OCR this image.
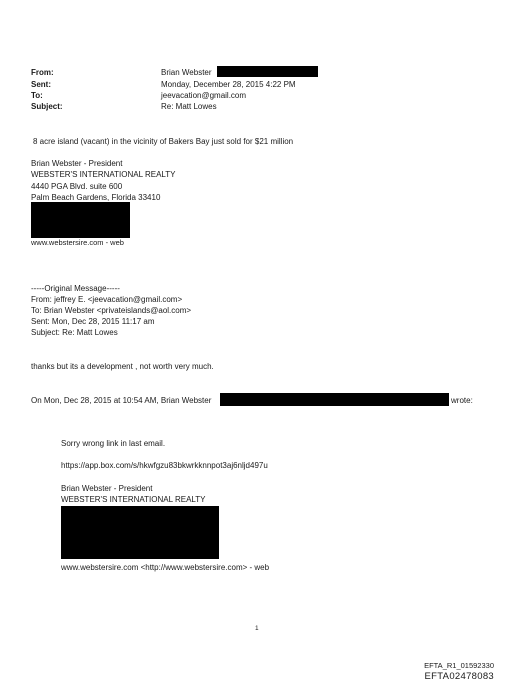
From:	Brian Webster
Sent:	Monday, December 28, 2015 4:22 PM
To:	jeevacation@gmail.com
Subject:	Re: Matt Lowes
8 acre island (vacant) in the vicinity of Bakers Bay just sold for $21 million
Brian Webster - President
WEBSTER'S INTERNATIONAL REALTY
4440 PGA Blvd. suite 600
Palm Beach Gardens, Florida 33410
www.webstersire.com - web
-----Original Message-----
From: jeffrey E. <jeevacation@gmail.com>
To: Brian Webster <privateislands@aol.com>
Sent: Mon, Dec 28, 2015 11:17 am
Subject: Re: Matt Lowes
thanks but its a development , not worth very much.
On Mon, Dec 28, 2015 at 10:54 AM, Brian Webster	wrote:
Sorry wrong link in last email.
https://app.box.com/s/hkwfgzu83bkwrkknnpot3aj6nljd497u
Brian Webster - President
WEBSTER'S INTERNATIONAL REALTY
www.webstersire.com <http://www.webstersire.com> - web
1
EFTA_R1_01592330
EFTA02478083
